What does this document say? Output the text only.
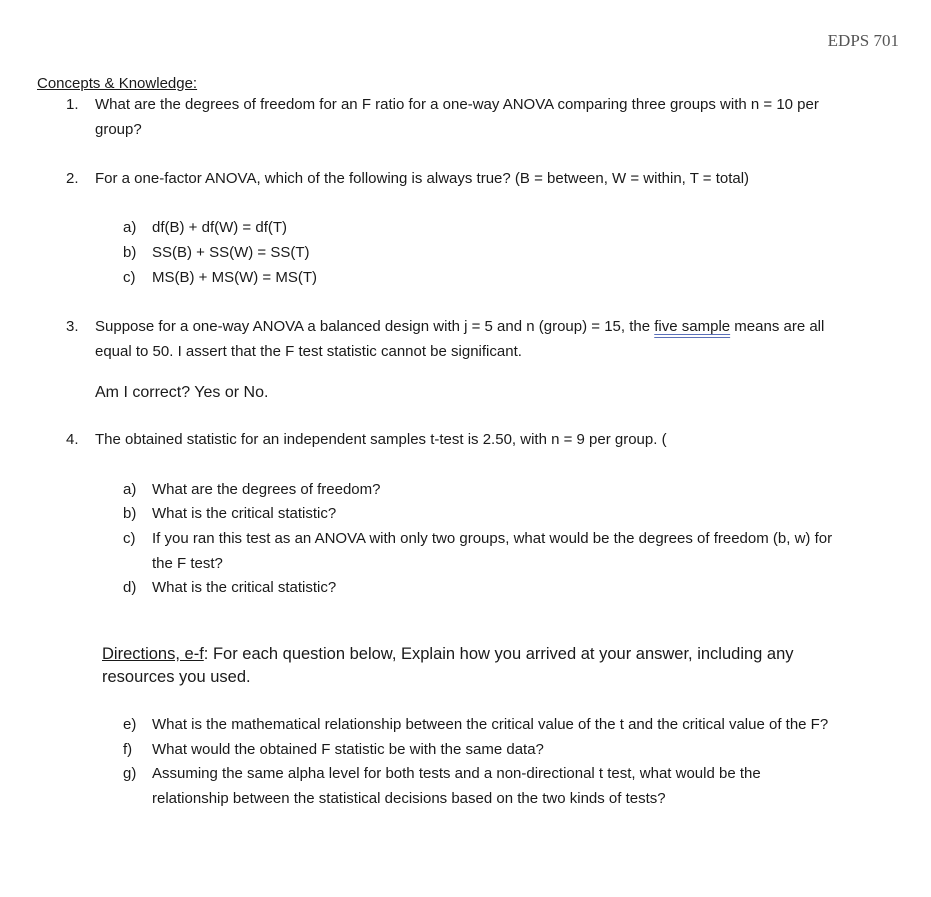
EDPS 701
Concepts & Knowledge:
1.	What are the degrees of freedom for an F ratio for a one-way ANOVA comparing three groups with n = 10 per
group?
2.	For a one-factor ANOVA, which of the following is always true? (B = between, W = within, T = total)
a)	df(B) + df(W) = df(T)
b)	SS(B) + SS(W) = SS(T)
c)	MS(B) + MS(W) = MS(T)
3.	Suppose for a one-way ANOVA a balanced design with j = 5 and n (group) = 15, the five sample means are all
equal to 50. I assert that the F test statistic cannot be significant.
Am I correct? Yes or No.
4.	The obtained statistic for an independent samples t-test is 2.50, with n = 9 per group. (
a)	What are the degrees of freedom?
b)	What is the critical statistic?
c)	If you ran this test as an ANOVA with only two groups, what would be the degrees of freedom (b, w) for
the F test?
d)	What is the critical statistic?
Directions, e-f: For each question below, Explain how you arrived at your answer, including any
resources you used.
e)	What is the mathematical relationship between the critical value of the t and the critical value of the F?
f)	What would the obtained F statistic be with the same data?
g)	Assuming the same alpha level for both tests and a non-directional t test, what would be the
relationship between the statistical decisions based on the two kinds of tests?
